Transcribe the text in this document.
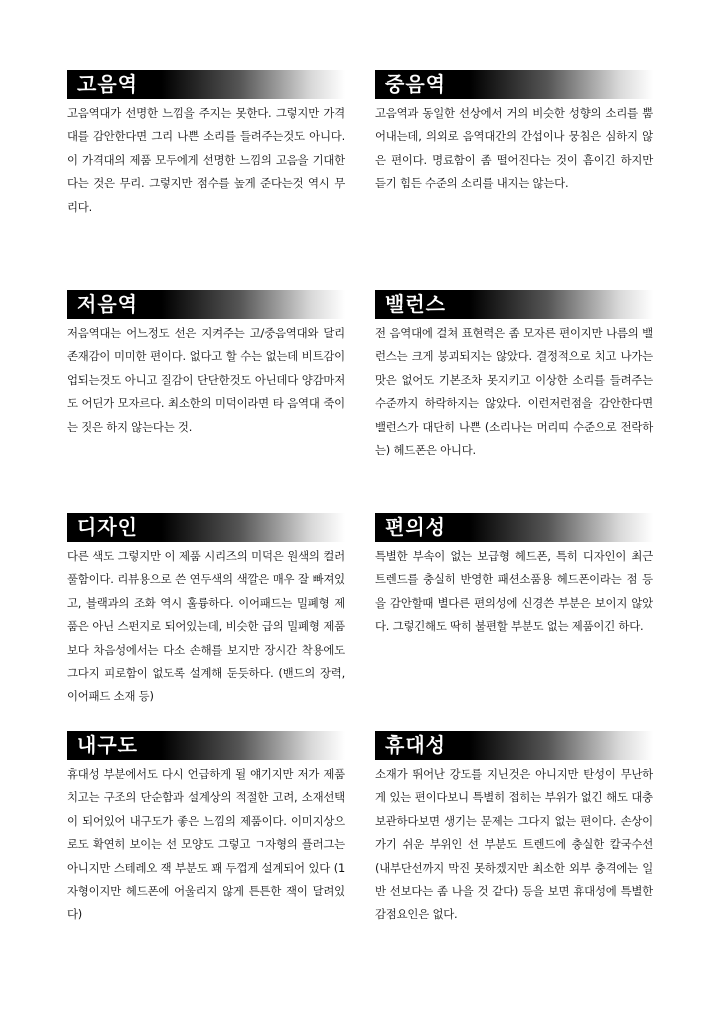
고음역
고음역대가 선명한 느낌을 주지는 못한다. 그렇지만 가격대를 감안한다면 그리 나쁜 소리를 들려주는것도 아니다. 이 가격대의 제품 모두에게 선명한 느낌의 고음을 기대한다는 것은 무리. 그렇지만 점수를 높게 준다는것 역시 무리다.
중음역
고음역과 동일한 선상에서 거의 비슷한 성향의 소리를 뿜어내는데, 의외로 음역대간의 간섭이나 뭉침은 심하지 않은 편이다. 명료함이 좀 떨어진다는 것이 흠이긴 하지만 듣기 힘든 수준의 소리를 내지는 않는다.
저음역
저음역대는 어느정도 선은 지켜주는 고/중음역대와 달리 존재감이 미미한 편이다. 없다고 할 수는 없는데 비트감이 업되는것도 아니고 질감이 단단한것도 아닌데다 양감마저도 어딘가 모자르다. 최소한의 미덕이라면 타 음역대 죽이는 짓은 하지 않는다는 것.
밸런스
전 음역대에 걸쳐 표현력은 좀 모자른 편이지만 나름의 밸런스는 크게 붕괴되지는 않았다. 결정적으로 치고 나가는 맛은 없어도 기본조차 못지키고 이상한 소리를 들려주는 수준까지 하락하지는 않았다. 이런저런점을 감안한다면 밸런스가 대단히 나쁜 (소리나는 머리띠 수준으로 전락하는) 헤드폰은 아니다.
디자인
다른 색도 그렇지만 이 제품 시리즈의 미덕은 원색의 컬러풀함이다. 리뷰용으로 쓴 연두색의 색깔은 매우 잘 빠져있고, 블랙과의 조화 역시 훌륭하다. 이어패드는 밀폐형 제품은 아닌 스펀지로 되어있는데, 비슷한 급의 밀폐형 제품보다 차음성에서는 다소 손해를 보지만 장시간 착용에도 그다지 피로함이 없도록 설계해 둔듯하다. (밴드의 장력, 이어패드 소재 등)
편의성
특별한 부속이 없는 보급형 헤드폰, 특히 디자인이 최근 트렌드를 충실히 반영한 패션소품용 헤드폰이라는 점 등을 감안할때 별다른 편의성에 신경쓴 부분은 보이지 않았다. 그렇긴해도 딱히 불편할 부분도 없는 제품이긴 하다.
내구도
휴대성 부분에서도 다시 언급하게 될 얘기지만 저가 제품치고는 구조의 단순함과 설계상의 적절한 고려, 소재선택이 되어있어 내구도가 좋은 느낌의 제품이다. 이미지상으로도 확연히 보이는 선 모양도 그렇고 ㄱ자형의 플러그는 아니지만 스테레오 잭 부분도 꽤 두껍게 설계되어 있다 (1자형이지만 헤드폰에 어울리지 않게 튼튼한 잭이 달려있다)
휴대성
소재가 뛰어난 강도를 지닌것은 아니지만 탄성이 무난하게 있는 편이다보니 특별히 접히는 부위가 없긴 해도 대충 보관하다보면 생기는 문제는 그다지 없는 편이다. 손상이 가기 쉬운 부위인 선 부분도 트렌드에 충실한 칼국수선 (내부단선까지 막진 못하겠지만 최소한 외부 충격에는 일반 선보다는 좀 나을 것 같다) 등을 보면 휴대성에 특별한 감점요인은 없다.
